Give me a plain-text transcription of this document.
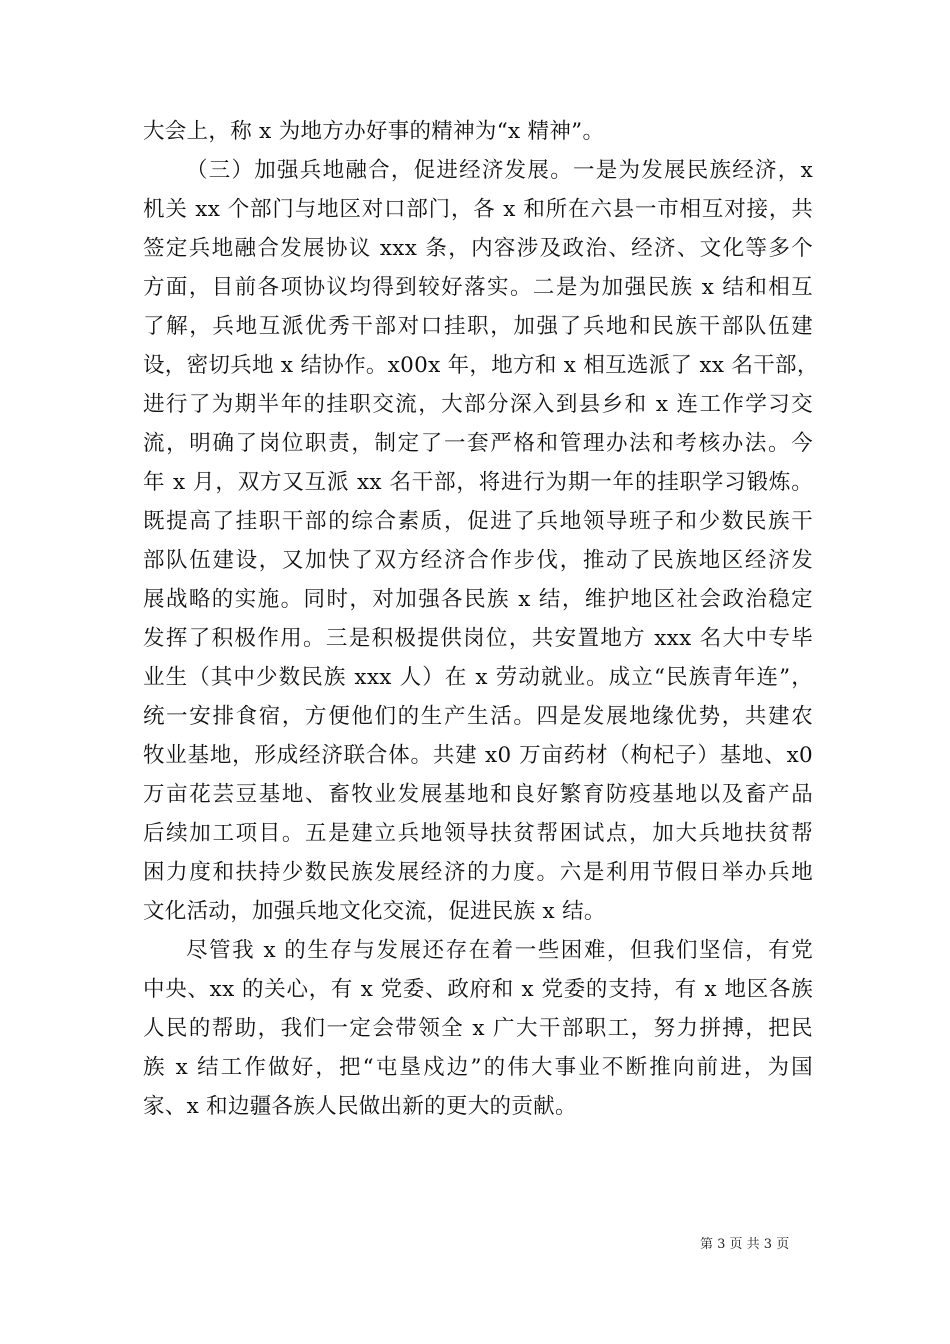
大会上，称 x 为地方办好事的精神为“x 精神”。
（三）加强兵地融合，促进经济发展。一是为发展民族经济，x
机关 xx 个部门与地区对口部门，各 x 和所在六县一市相互对接，共
签定兵地融合发展协议 xxx 条，内容涉及政治、经济、文化等多个
方面，目前各项协议均得到较好落实。二是为加强民族 x 结和相互
了解，兵地互派优秀干部对口挂职，加强了兵地和民族干部队伍建
设，密切兵地 x 结协作。x00x 年，地方和 x 相互选派了 xx 名干部，
进行了为期半年的挂职交流，大部分深入到县乡和 x 连工作学习交
流，明确了岗位职责，制定了一套严格和管理办法和考核办法。今
年 x 月，双方又互派 xx 名干部，将进行为期一年的挂职学习锻炼。
既提高了挂职干部的综合素质，促进了兵地领导班子和少数民族干
部队伍建设，又加快了双方经济合作步伐，推动了民族地区经济发
展战略的实施。同时，对加强各民族 x 结，维护地区社会政治稳定
发挥了积极作用。三是积极提供岗位，共安置地方 xxx 名大中专毕
业生（其中少数民族 xxx 人）在 x 劳动就业。成立“民族青年连”，
统一安排食宿，方便他们的生产生活。四是发展地缘优势，共建农
牧业基地，形成经济联合体。共建 x0 万亩药材（枸杞子）基地、x0
万亩花芸豆基地、畜牧业发展基地和良好繁育防疫基地以及畜产品
后续加工项目。五是建立兵地领导扶贫帮困试点，加大兵地扶贫帮
困力度和扶持少数民族发展经济的力度。六是利用节假日举办兵地
文化活动，加强兵地文化交流，促进民族 x 结。
尽管我 x 的生存与发展还存在着一些困难，但我们坚信，有党
中央、xx 的关心，有 x 党委、政府和 x 党委的支持，有 x 地区各族
人民的帮助，我们一定会带领全 x 广大干部职工，努力拼搏，把民
族 x 结工作做好，把“屯垦戍边”的伟大事业不断推向前进，为国
家、x 和边疆各族人民做出新的更大的贡献。
第 3 页 共 3 页
